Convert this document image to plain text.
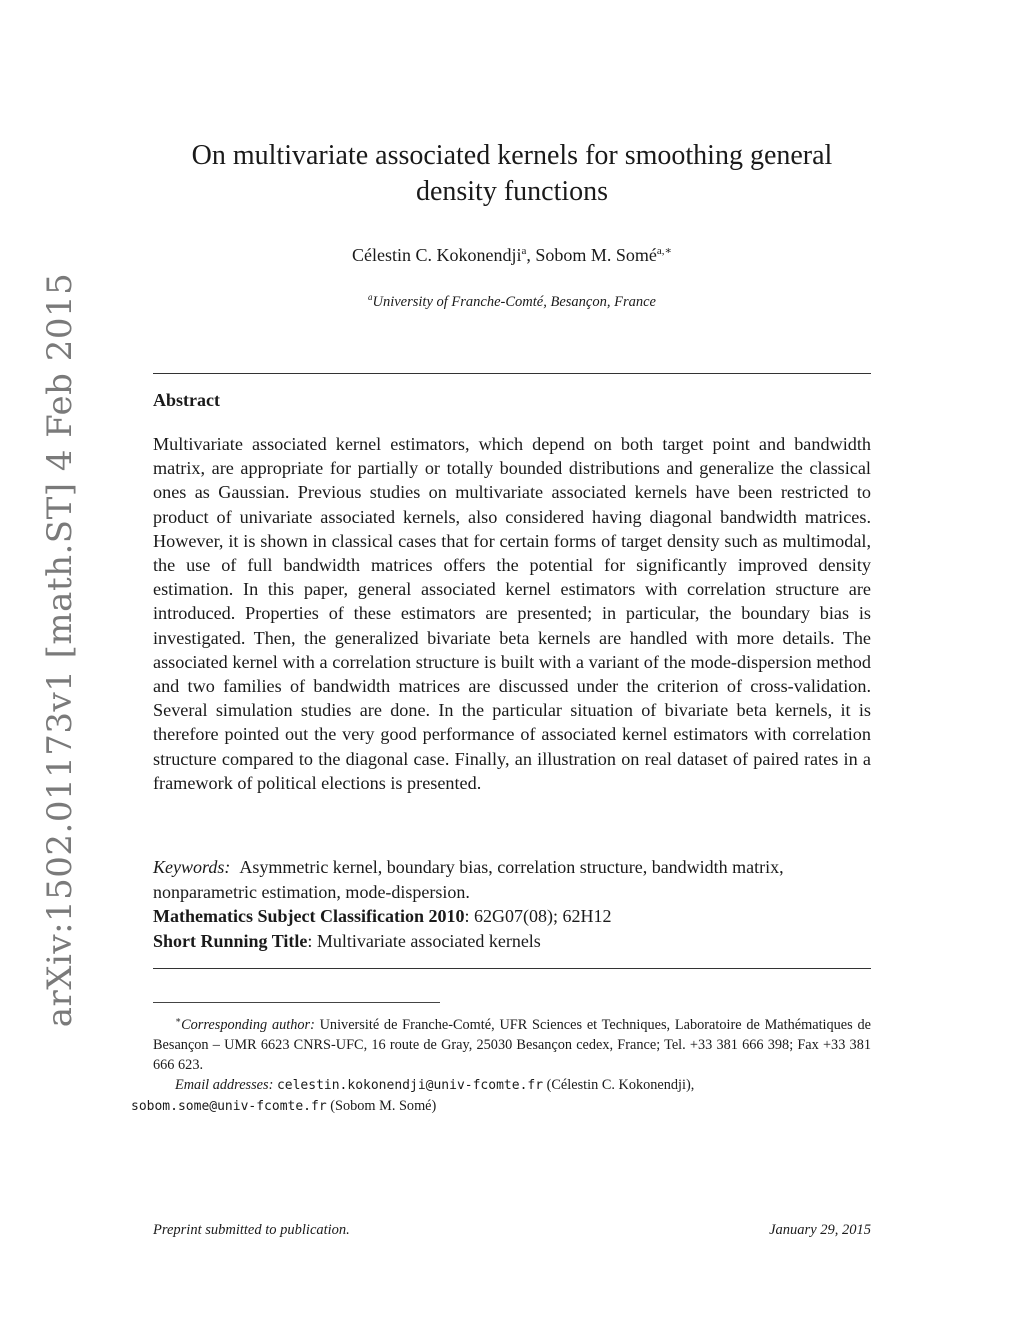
arXiv:1502.01173v1 [math.ST] 4 Feb 2015
On multivariate associated kernels for smoothing general density functions
Célestin C. Kokonendji$^a$, Sobom M. Somé$^{a,∗}$
$^a$University of Franche-Comté, Besançon, France
Abstract

Multivariate associated kernel estimators, which depend on both target point and bandwidth matrix, are appropriate for partially or totally bounded distributions and generalize the classical ones as Gaussian. Previous studies on multivariate associated kernels have been restricted to product of univariate associated kernels, also considered having diagonal bandwidth matrices. However, it is shown in classical cases that for certain forms of target density such as multimodal, the use of full bandwidth matrices offers the potential for significantly improved density estimation. In this paper, general associated kernel estimators with correlation structure are introduced. Properties of these estimators are presented; in particular, the boundary bias is investigated. Then, the generalized bivariate beta kernels are handled with more details. The associated kernel with a correlation structure is built with a variant of the mode-dispersion method and two families of bandwidth matrices are discussed under the criterion of cross-validation. Several simulation studies are done. In the particular situation of bivariate beta kernels, it is therefore pointed out the very good performance of associated kernel estimators with correlation structure compared to the diagonal case. Finally, an illustration on real dataset of paired rates in a framework of political elections is presented.

Keywords: Asymmetric kernel, boundary bias, correlation structure, bandwidth matrix, nonparametric estimation, mode-dispersion.
Mathematics Subject Classification 2010: 62G07(08); 62H12
Short Running Title: Multivariate associated kernels

∗Corresponding author: Université de Franche-Comté, UFR Sciences et Techniques, Laboratoire de Mathématiques de Besançon – UMR 6623 CNRS-UFC, 16 route de Gray, 25030 Besançon cedex, France; Tel. +33 381 666 398; Fax +33 381 666 623.

Email addresses: celestin.kokonendji@univ-fcomte.fr (Célestin C. Kokonendji),
sobom.some@univ-fcomte.fr (Sobom M. Somé)

Preprint submitted to publication.	January 29, 2015
